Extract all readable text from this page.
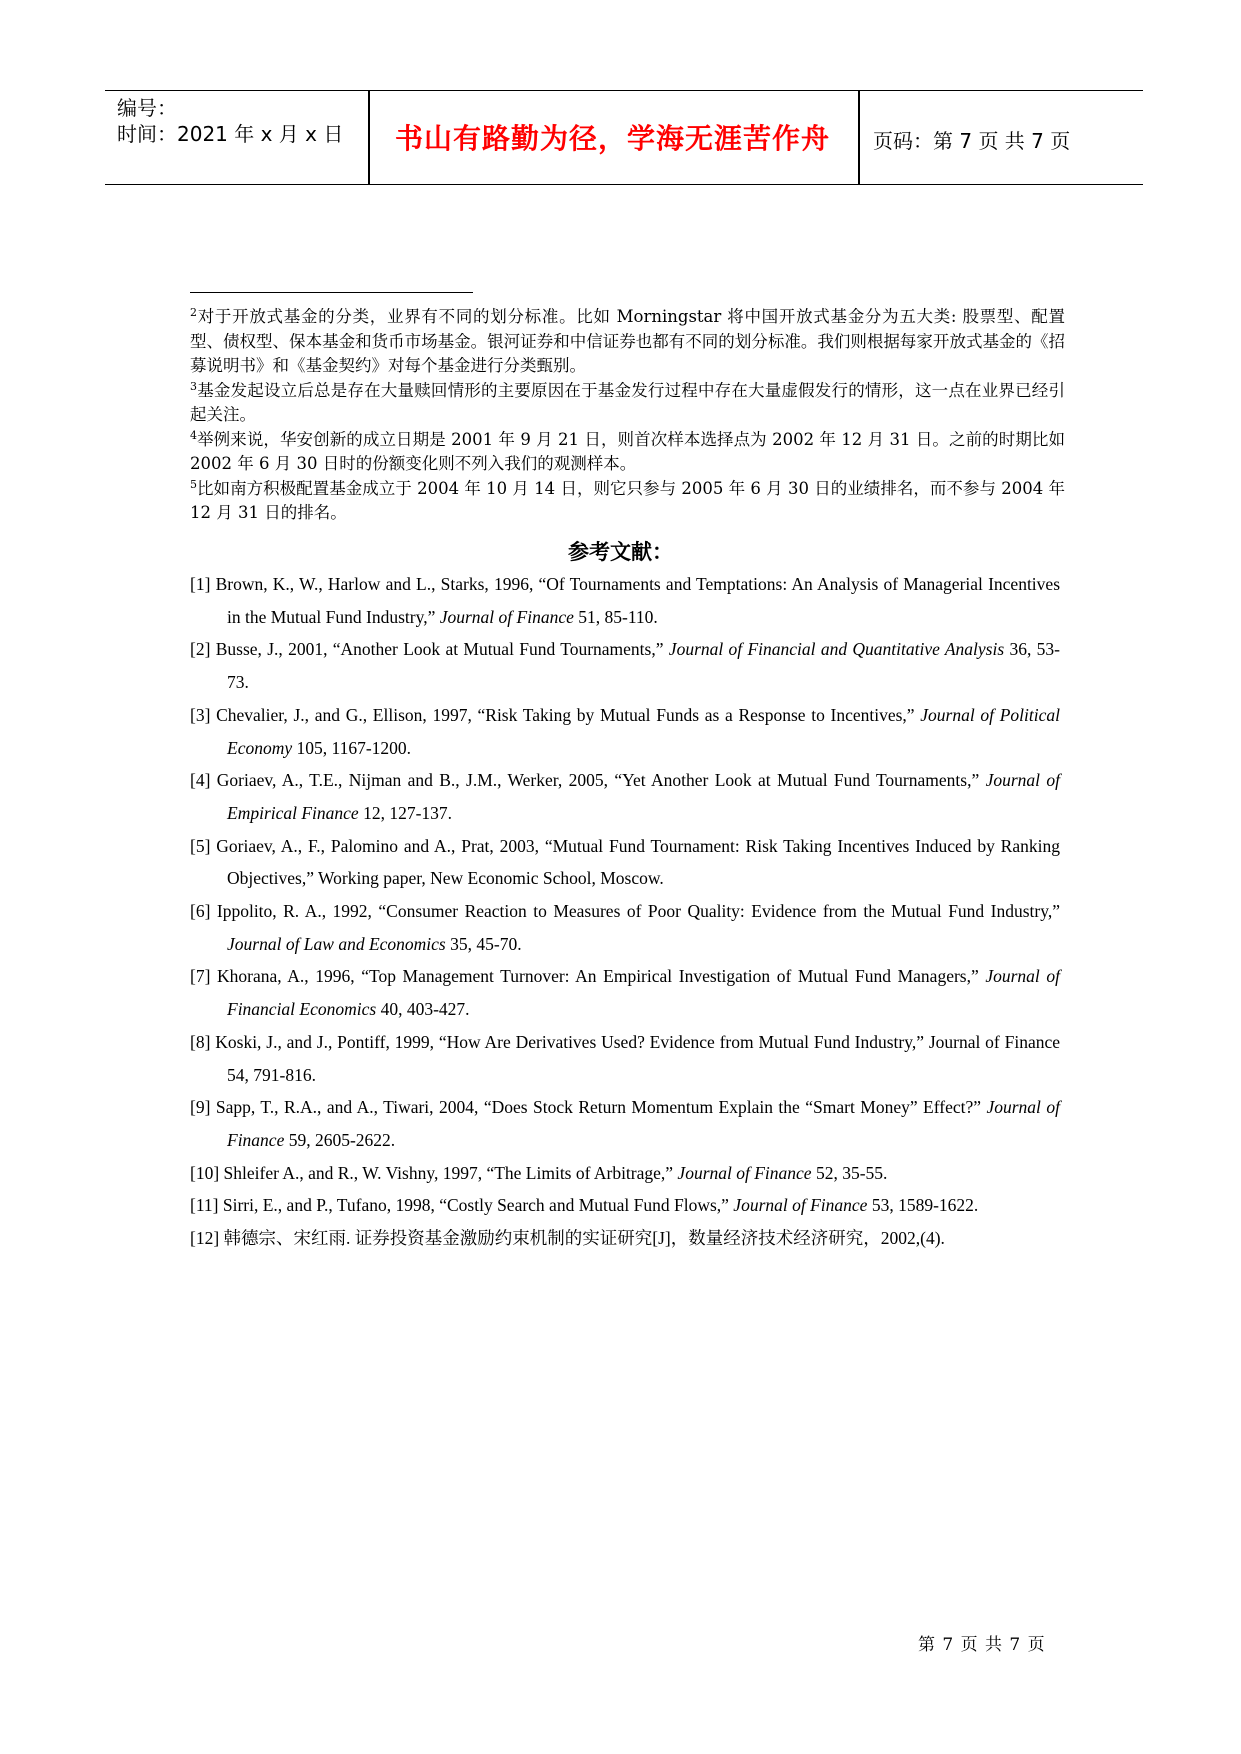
编号：
时间：2021 年 x 月 x 日 书山有路勤为径，学海无涯苦作舟 页码：第 7 页 共 7 页

$^2$对于开放式基金的分类，业界有不同的划分标准。比如 Morningstar 将中国开放式基金分为五大类: 股票型、配置型、债权型、保本基金和货币市场基金。银河证券和中信证券也都有不同的划分标准。我们则根据每家开放式基金的《招募说明书》和《基金契约》对每个基金进行分类甄别。

$^3$基金发起设立后总是存在大量赎回情形的主要原因在于基金发行过程中存在大量虚假发行的情形，这一点在业界已经引起关注。

$^4$举例来说，华安创新的成立日期是 2001 年 9 月 21 日，则首次样本选择点为 2002 年 12 月 31 日。之前的时期比如 2002 年 6 月 30 日时的份额变化则不列入我们的观测样本。

$^5$比如南方积极配置基金成立于 2004 年 10 月 14 日，则它只参与 2005 年 6 月 30 日的业绩排名，而不参与 2004 年 12 月 31 日的排名。

参考文献：

[1] Brown, K., W., Harlow and L., Starks, 1996, “Of Tournaments and Temptations: An Analysis of Managerial Incentives in the Mutual Fund Industry,” Journal of Finance 51, 85-110.

[2] Busse, J., 2001, “Another Look at Mutual Fund Tournaments,” Journal of Financial and Quantitative Analysis 36, 53-73.

[3] Chevalier, J., and G., Ellison, 1997, “Risk Taking by Mutual Funds as a Response to Incentives,” Journal of Political Economy 105, 1167-1200.

[4] Goriaev, A., T.E., Nijman and B., J.M., Werker, 2005, “Yet Another Look at Mutual Fund Tournaments,” Journal of Empirical Finance 12, 127-137.

[5] Goriaev, A., F., Palomino and A., Prat, 2003, “Mutual Fund Tournament: Risk Taking Incentives Induced by Ranking Objectives,” Working paper, New Economic School, Moscow.

[6] Ippolito, R. A., 1992, “Consumer Reaction to Measures of Poor Quality: Evidence from the Mutual Fund Industry,” Journal of Law and Economics 35, 45-70.

[7] Khorana, A., 1996, “Top Management Turnover: An Empirical Investigation of Mutual Fund Managers,” Journal of Financial Economics 40, 403-427.

[8] Koski, J., and J., Pontiff, 1999, “How Are Derivatives Used? Evidence from Mutual Fund Industry,” Journal of Finance 54, 791-816.

[9] Sapp, T., R.A., and A., Tiwari, 2004, “Does Stock Return Momentum Explain the “Smart Money” Effect?” Journal of Finance 59, 2605-2622.

[10] Shleifer A., and R., W. Vishny, 1997, “The Limits of Arbitrage,” Journal of Finance 52, 35-55.

[11] Sirri, E., and P., Tufano, 1998, “Costly Search and Mutual Fund Flows,” Journal of Finance 53, 1589-1622.

[12] 韩德宗、宋红雨. 证券投资基金激励约束机制的实证研究[J]，数量经济技术经济研究，2002,(4).

第 7 页 共 7 页
